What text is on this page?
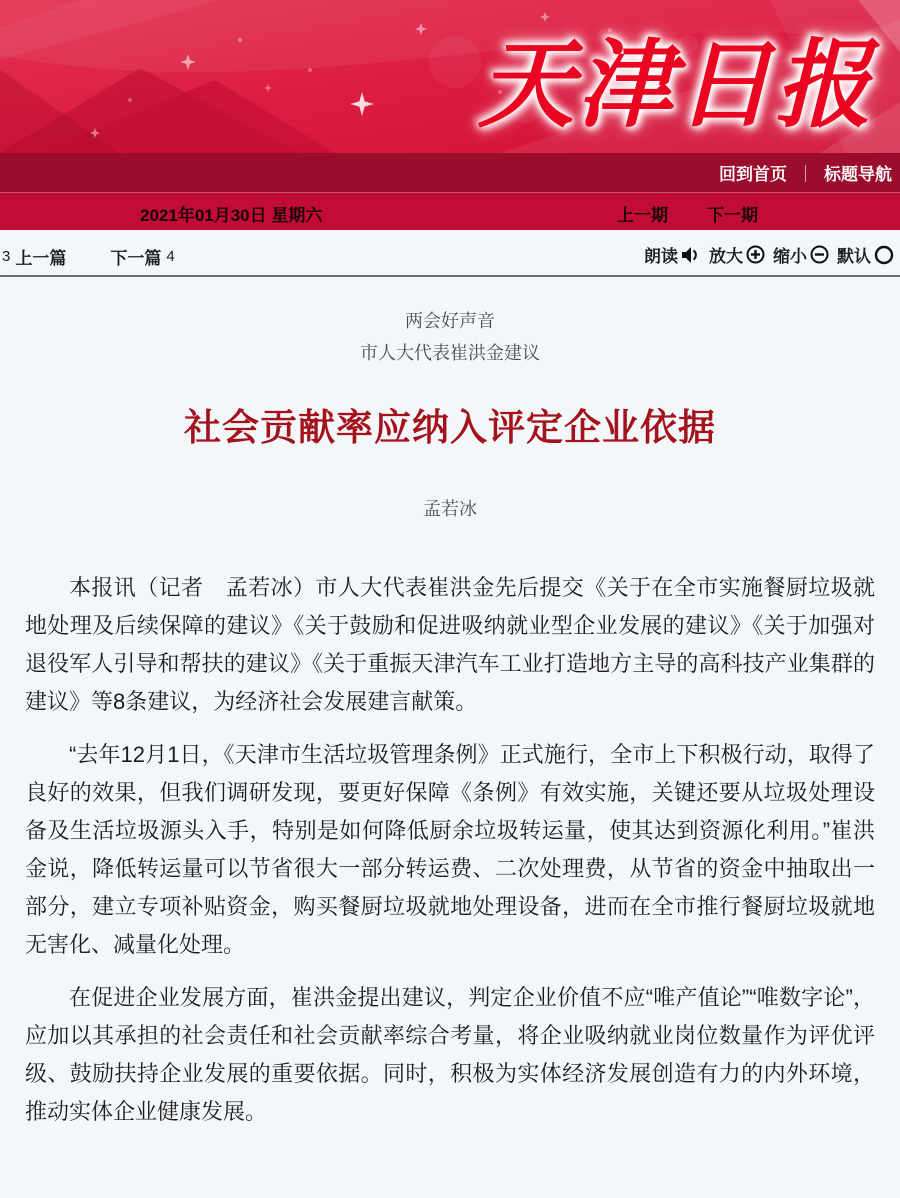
天津日报
回到首页 ｜ 标题导航
2021年01月30日 星期六	上一期 下一期
3 上一篇	下一篇 4	朗读 放大 缩小 默认
两会好声音
市人大代表崔洪金建议
社会贡献率应纳入评定企业依据
孟若冰

本报讯（记者　孟若冰）市人大代表崔洪金先后提交《关于在全市实施餐厨垃圾就地处理及后续保障的建议》《关于鼓励和促进吸纳就业型企业发展的建议》《关于加强对退役军人引导和帮扶的建议》《关于重振天津汽车工业打造地方主导的高科技产业集群的建议》等8条建议，为经济社会发展建言献策。

“去年12月1日，《天津市生活垃圾管理条例》正式施行，全市上下积极行动，取得了良好的效果，但我们调研发现，要更好保障《条例》有效实施，关键还要从垃圾处理设备及生活垃圾源头入手，特别是如何降低厨余垃圾转运量，使其达到资源化利用。”崔洪金说，降低转运量可以节省很大一部分转运费、二次处理费，从节省的资金中抽取出一部分，建立专项补贴资金，购买餐厨垃圾就地处理设备，进而在全市推行餐厨垃圾就地无害化、减量化处理。

在促进企业发展方面，崔洪金提出建议，判定企业价值不应“唯产值论”“唯数字论”，应加以其承担的社会责任和社会贡献率综合考量，将企业吸纳就业岗位数量作为评优评级、鼓励扶持企业发展的重要依据。同时，积极为实体经济发展创造有力的内外环境，推动实体企业健康发展。
